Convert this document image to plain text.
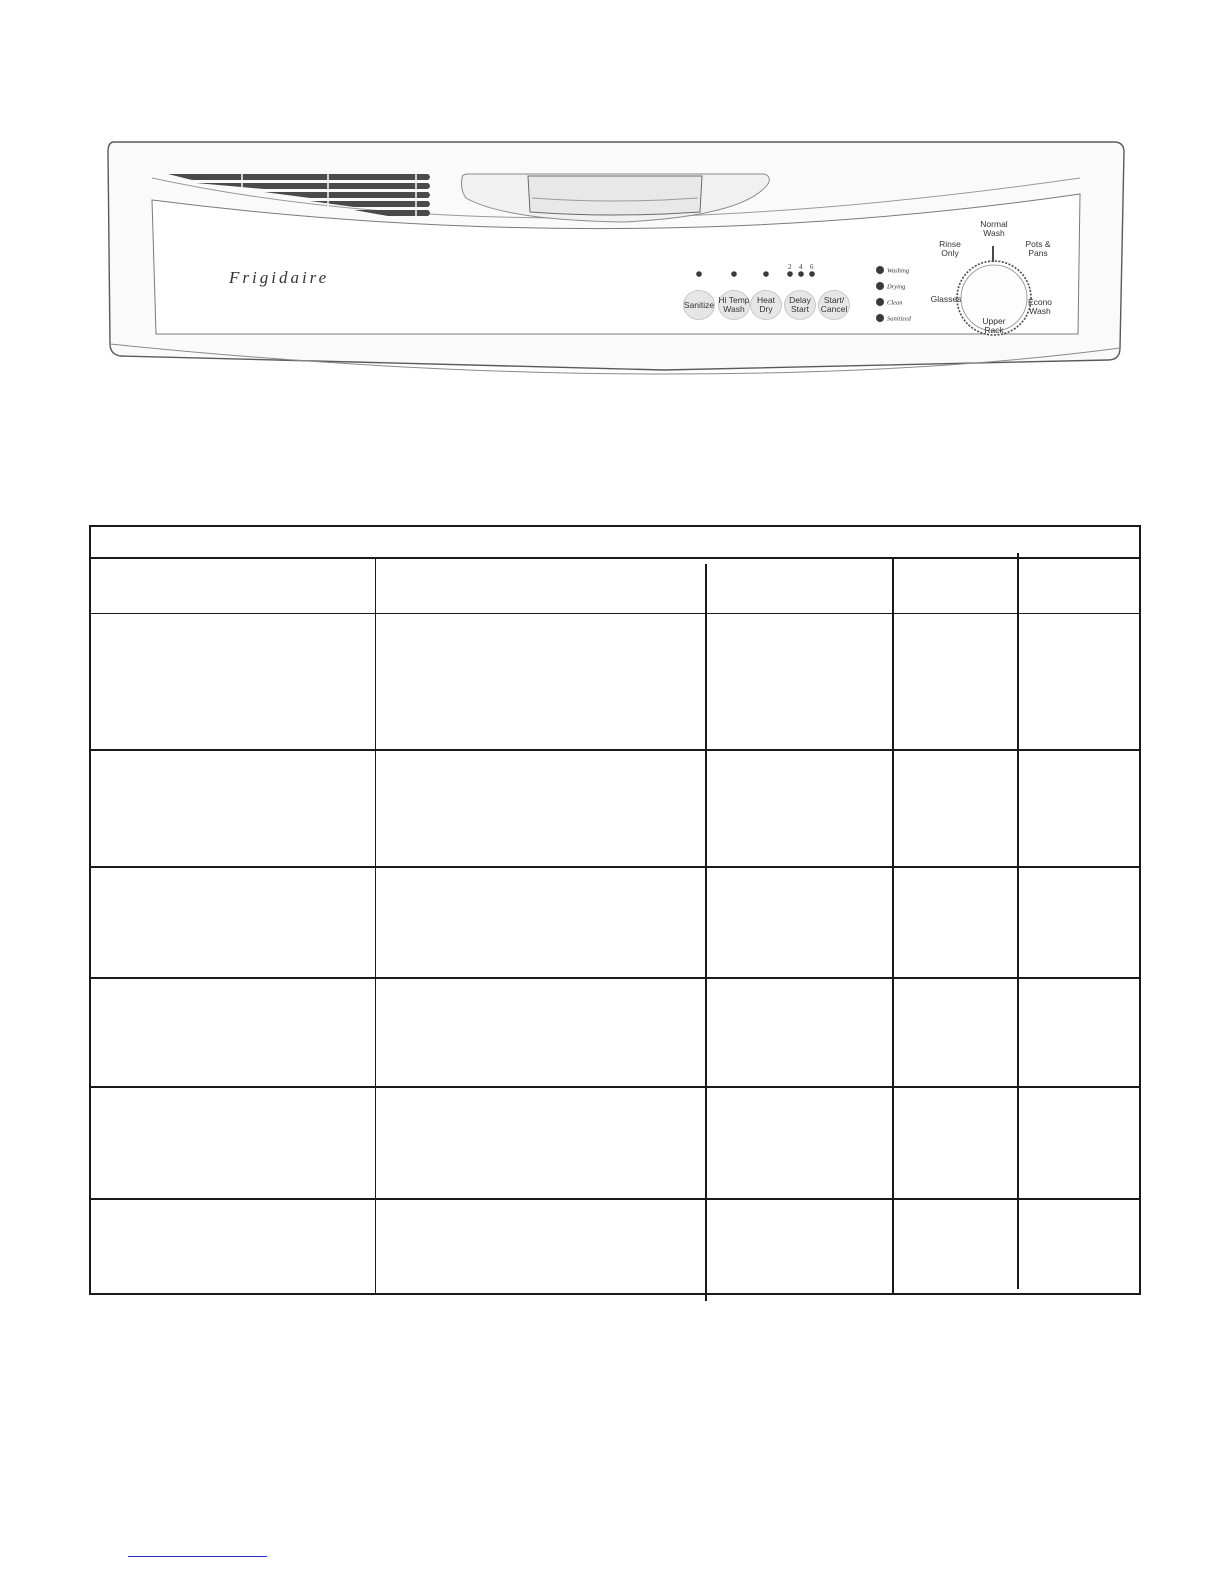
Frigidaire
2 4 6
Sanitize Hi Temp
Wash
Heat
Dry
Delay
Start
Start/
Cancel
Washing
Drying
Clean
Sanitized
Normal
Wash
Pots &
Pans
Econo
Wash
Upper
Rack
Glasses
Rinse
Only
